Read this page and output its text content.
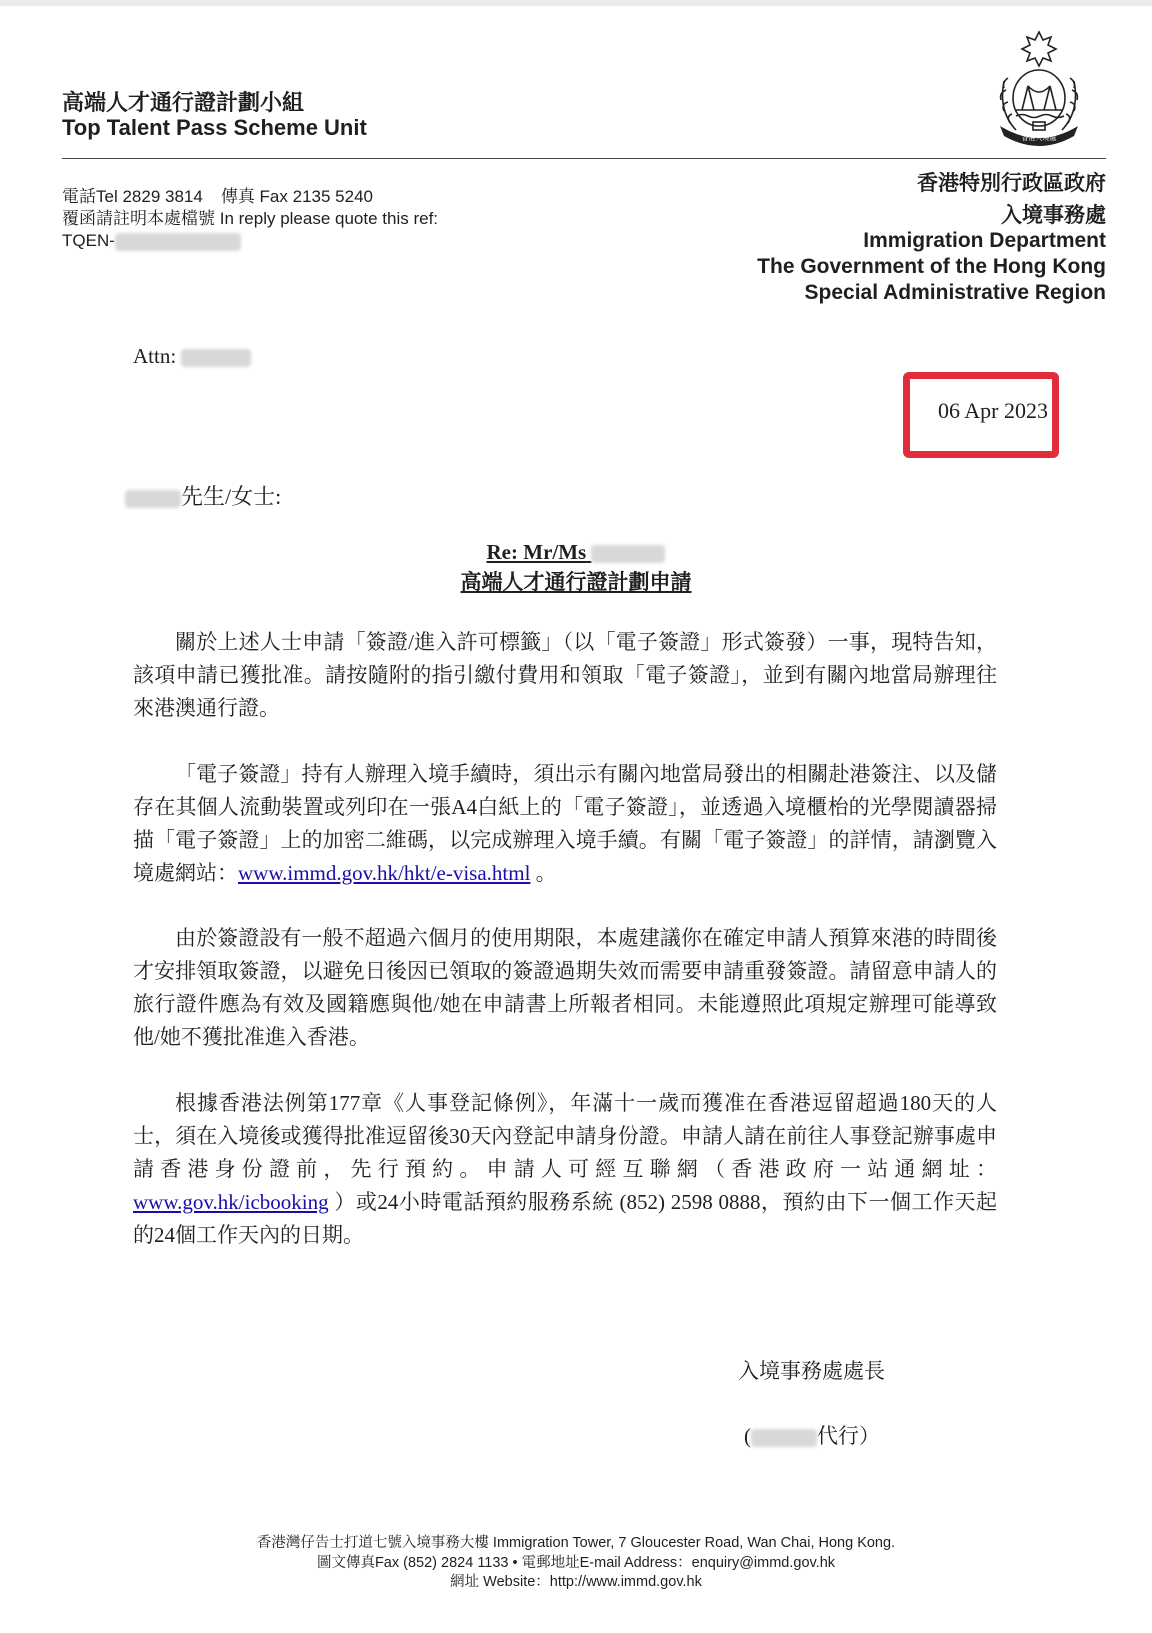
高端人才通行證計劃小組
Top Talent Pass Scheme Unit	香港入境處
電話Tel 2829 3814 傳真 Fax 2135 5240
覆函請註明本處檔號 In reply please quote this ref:
TQEN-
香港特別行政區政府
入境事務處
Immigration Department
The Government of the Hong Kong
Special Administrative Region
Attn:
06 Apr 2023
先生/女士:
Re: Mr/Ms
高端人才通行證計劃申請

關於上述人士申請「簽證/進入許可標籤」（以「電子簽證」形式簽發）一事，現特告知，該項申請已獲批准。請按隨附的指引繳付費用和領取「電子簽證」，並到有關內地當局辦理往來港澳通行證。

「電子簽證」持有人辦理入境手續時，須出示有關內地當局發出的相關赴港簽注、以及儲存在其個人流動裝置或列印在一張A4白紙上的「電子簽證」，並透過入境櫃枱的光學閱讀器掃描「電子簽證」上的加密二維碼，以完成辦理入境手續。有關「電子簽證」的詳情，請瀏覽入境處網站：www.immd.gov.hk/hkt/e-visa.html 。

由於簽證設有一般不超過六個月的使用期限，本處建議你在確定申請人預算來港的時間後才安排領取簽證，以避免日後因已領取的簽證過期失效而需要申請重發簽證。請留意申請人的旅行證件應為有效及國籍應與他/她在申請書上所報者相同。未能遵照此項規定辦理可能導致他/她不獲批准進入香港。

根據香港法例第177章《人事登記條例》，年滿十一歲而獲准在香港逗留超過180天的人士，須在入境後或獲得批准逗留後30天內登記申請身份證。申請人請在前往人事登記辦事處申請香港身份證前，先行預約。申請人可經互聯網（香港政府一站通網址：www.gov.hk/icbooking ）或24小時電話預約服務系統 (852) 2598 0888，預約由下一個工作天起的24個工作天內的日期。

入境事務處處長
(	代行）
香港灣仔告士打道七號入境事務大樓 Immigration Tower, 7 Gloucester Road, Wan Chai, Hong Kong.
圖文傳真Fax (852) 2824 1133 • 電郵地址E-mail Address：enquiry@immd.gov.hk
網址 Website：http://www.immd.gov.hk
